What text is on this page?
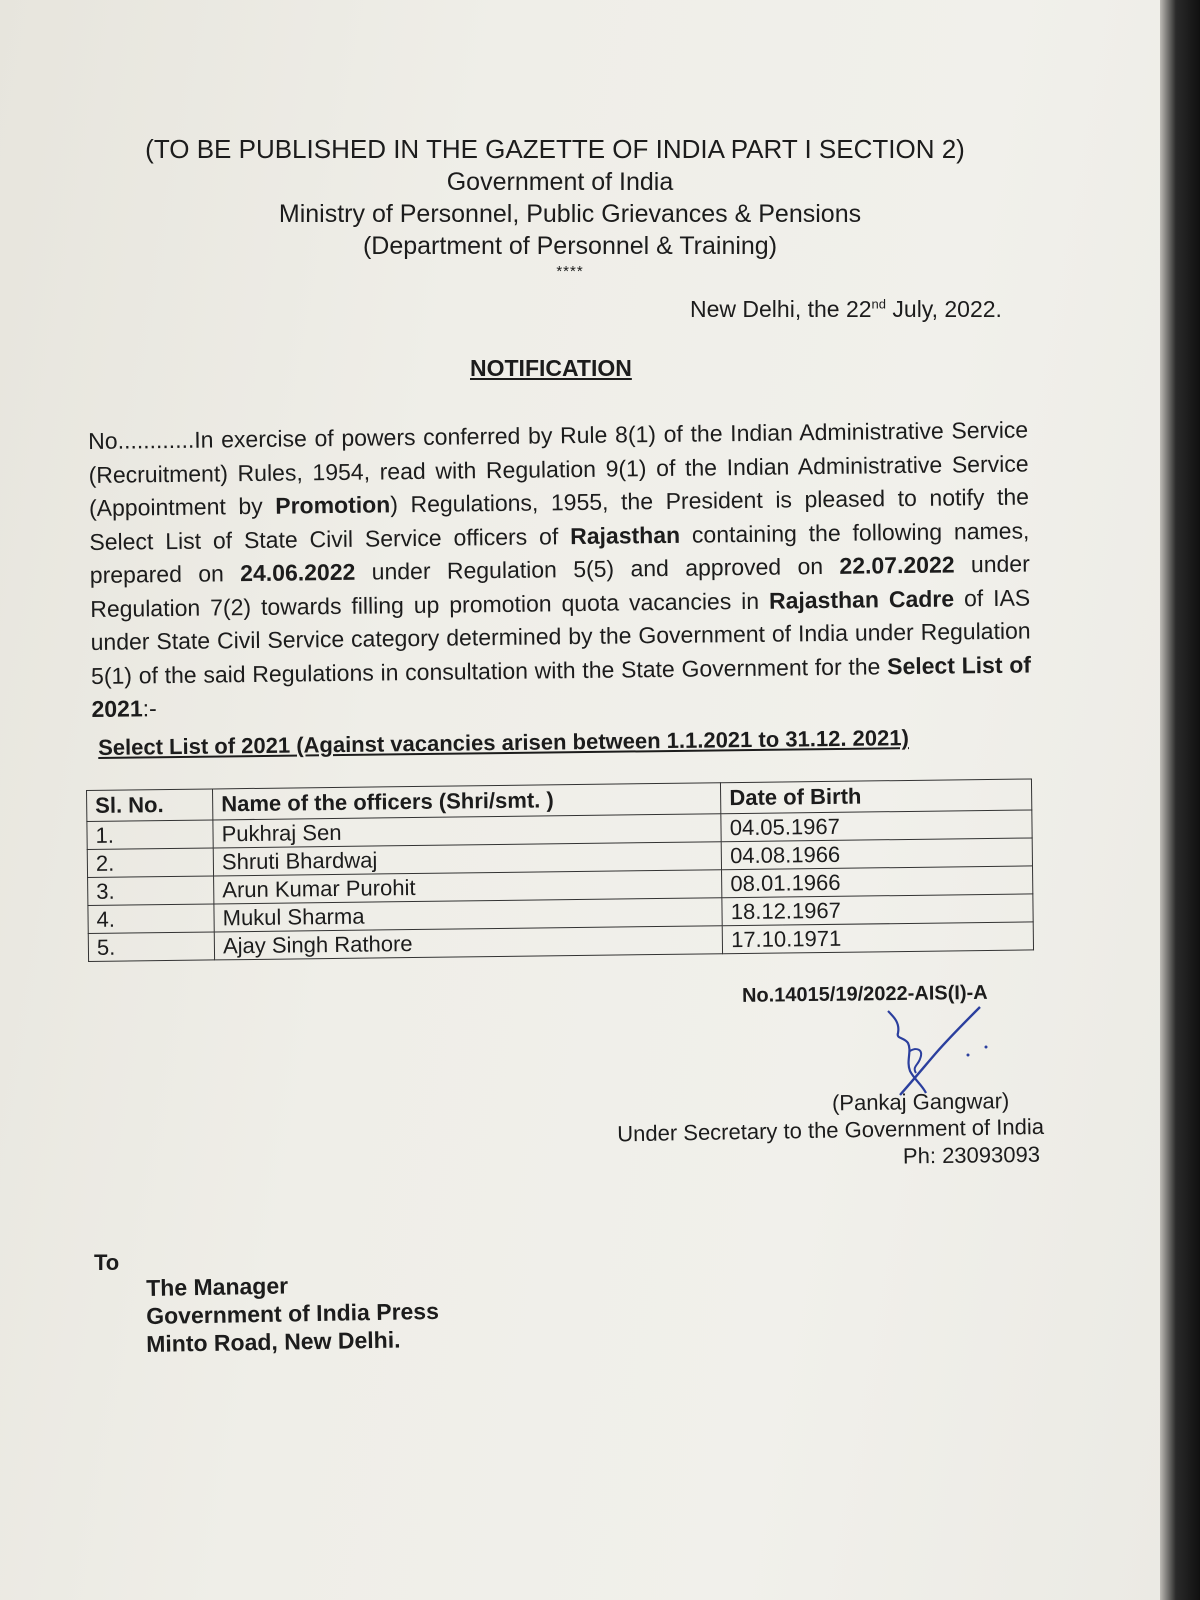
(TO BE PUBLISHED IN THE GAZETTE OF INDIA PART I SECTION 2)
Government of India
Ministry of Personnel, Public Grievances & Pensions
(Department of Personnel & Training)
****
New Delhi, the 22nd July, 2022.
NOTIFICATION
No............In exercise of powers conferred by Rule 8(1) of the Indian Administrative Service (Recruitment) Rules, 1954, read with Regulation 9(1) of the Indian Administrative Service (Appointment by Promotion) Regulations, 1955, the President is pleased to notify the Select List of State Civil Service officers of Rajasthan containing the following names, prepared on 24.06.2022 under Regulation 5(5) and approved on 22.07.2022 under Regulation 7(2) towards filling up promotion quota vacancies in Rajasthan Cadre of IAS under State Civil Service category determined by the Government of India under Regulation 5(1) of the said Regulations in consultation with the State Government for the Select List of 2021:-
Select List of 2021 (Against vacancies arisen between 1.1.2021 to 31.12. 2021)
Sl. No.	Name of the officers (Shri/smt. )	Date of Birth
1.	Pukhraj Sen	04.05.1967
2.	Shruti Bhardwaj	04.08.1966
3.	Arun Kumar Purohit	08.01.1966
4.	Mukul Sharma	18.12.1967
5.	Ajay Singh Rathore	17.10.1971
No.14015/19/2022-AIS(I)-A
(Pankaj Gangwar)
Under Secretary to the Government of India
Ph: 23093093
To
The Manager
Government of India Press
Minto Road, New Delhi.
